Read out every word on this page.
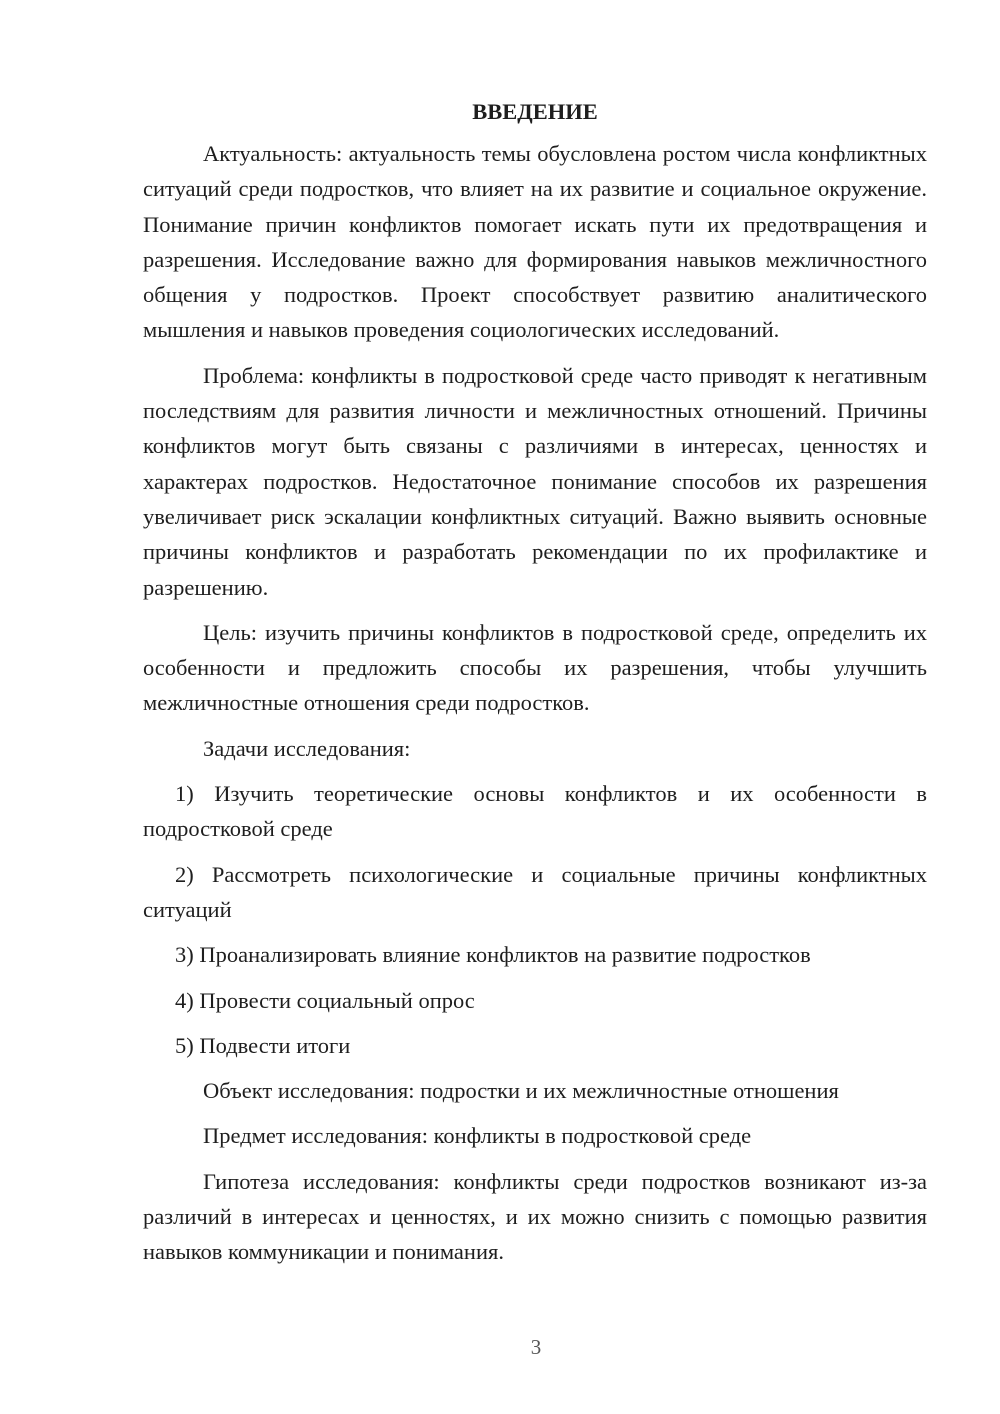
ВВЕДЕНИЕ

Актуальность: актуальность темы обусловлена ростом числа конфликтных ситуаций среди подростков, что влияет на их развитие и социальное окружение. Понимание причин конфликтов помогает искать пути их предотвращения и разрешения. Исследование важно для формирования навыков межличностного общения у подростков. Проект способствует развитию аналитического мышления и навыков проведения социологических исследований.

Проблема: конфликты в подростковой среде часто приводят к негативным последствиям для развития личности и межличностных отношений. Причины конфликтов могут быть связаны с различиями в интересах, ценностях и характерах подростков. Недостаточное понимание способов их разрешения увеличивает риск эскалации конфликтных ситуаций. Важно выявить основные причины конфликтов и разработать рекомендации по их профилактике и разрешению.

Цель: изучить причины конфликтов в подростковой среде, определить их особенности и предложить способы их разрешения, чтобы улучшить межличностные отношения среди подростков.

Задачи исследования:

1) Изучить теоретические основы конфликтов и их особенности в подростковой среде

2) Рассмотреть психологические и социальные причины конфликтных ситуаций

3) Проанализировать влияние конфликтов на развитие подростков

4) Провести социальный опрос

5) Подвести итоги

Объект исследования: подростки и их межличностные отношения

Предмет исследования: конфликты в подростковой среде

Гипотеза исследования: конфликты среди подростков возникают из-за различий в интересах и ценностях, и их можно снизить с помощью развития навыков коммуникации и понимания.

3
